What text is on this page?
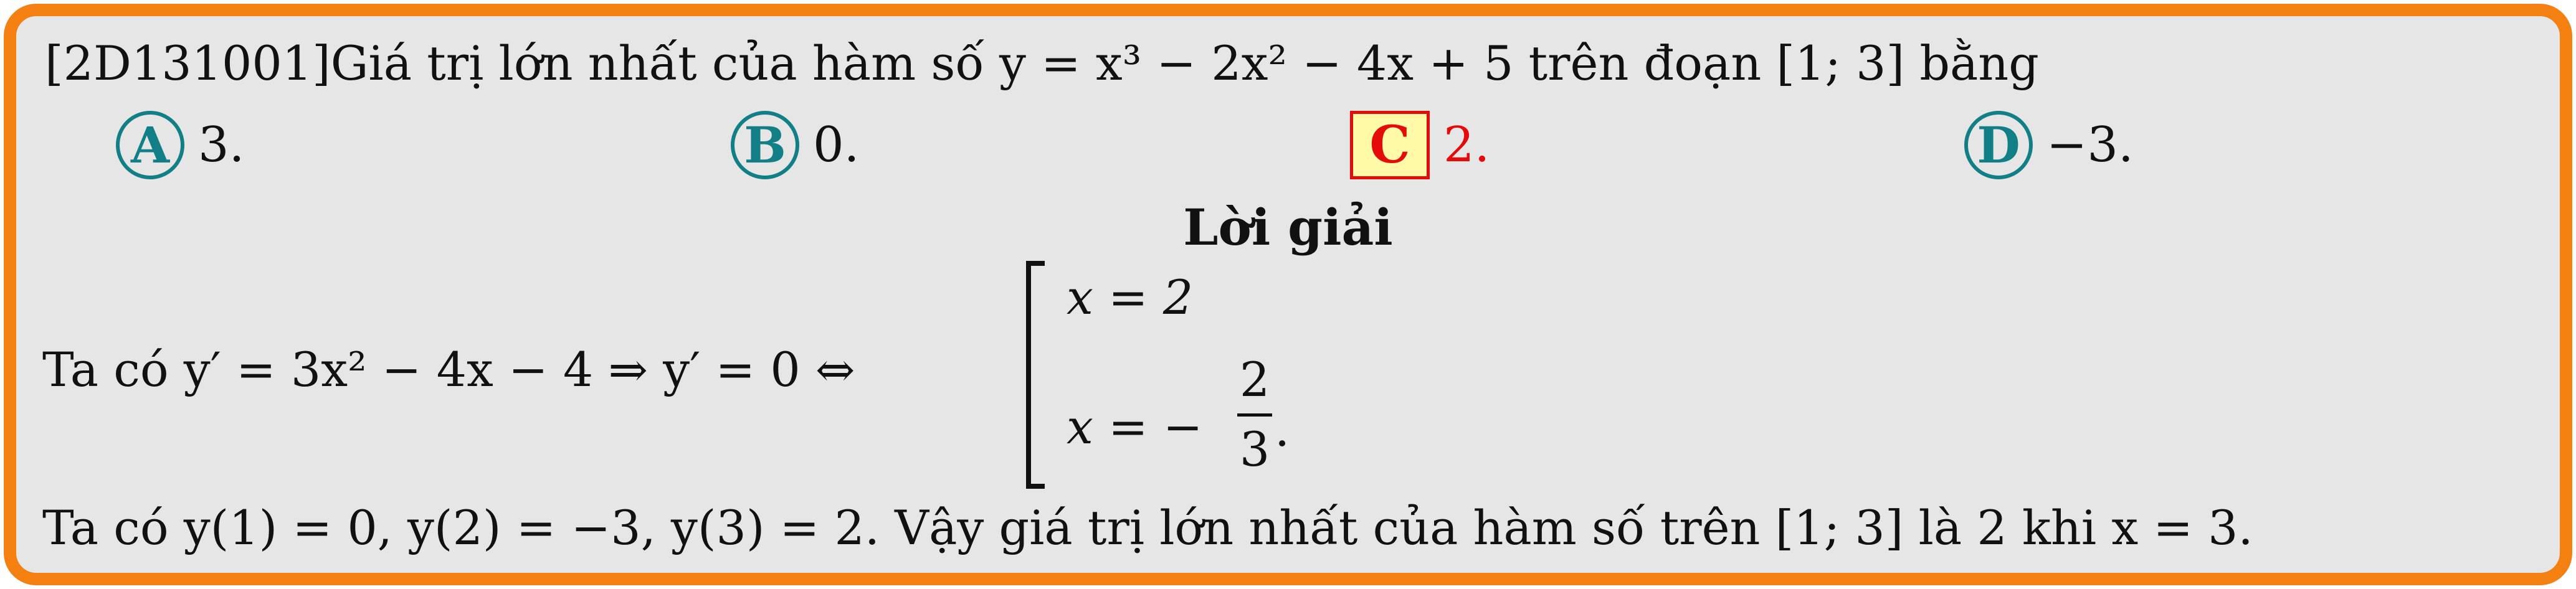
[2D131001]Giá trị lớn nhất của hàm số y = x³ − 2x² − 4x + 5 trên đoạn [1; 3] bằng
A 3.	B 0.	C 2.	D −3.
Lời giải
Ta có y′ = 3x² − 4x − 4 ⇒ y′ = 0 ⇔
x = 2
x = −
2
3 .
Ta có y(1) = 0, y(2) = −3, y(3) = 2. Vậy giá trị lớn nhất của hàm số trên [1; 3] là 2 khi x = 3.
